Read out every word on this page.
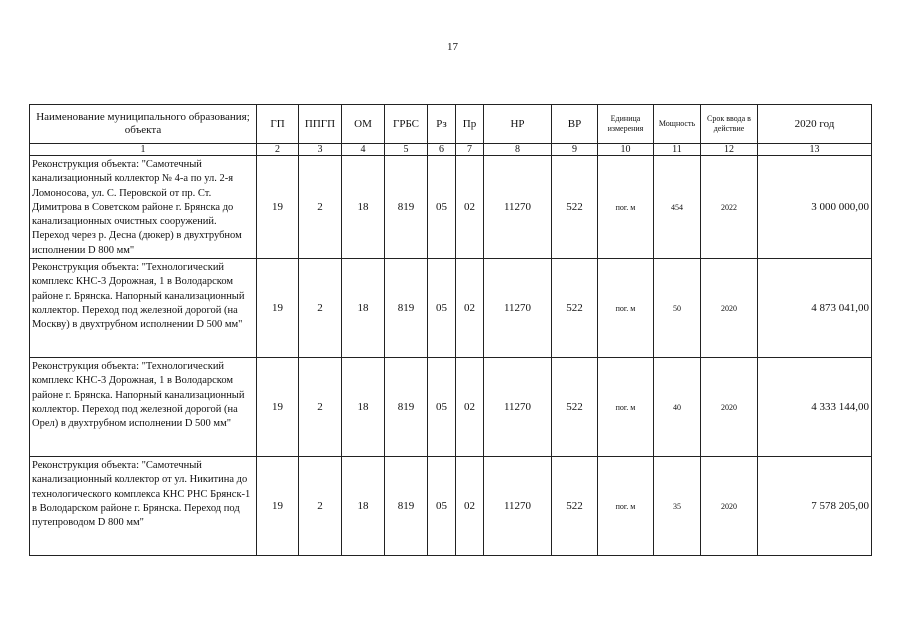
17
Наименование муниципального образования; объекта	ГП	ППГП	ОМ	ГРБС	Рз	Пр	НР	ВР	Единица измерения	Мощность	Срок ввода в действие	2020 год
1	2	3	4	5	6	7	8	9	10	11	12	13
Реконструкция объекта: "Самотечный канализационный коллектор № 4-а по ул. 2-я Ломоносова, ул. С. Перовской от пр. Ст. Димитрова в Советском районе г. Брянска до канализационных очистных сооружений. Переход через р. Десна (дюкер) в двухтрубном исполнении D 800 мм"	19	2	18	819	05	02	11270	522	пог. м	454	2022	3 000 000,00
Реконструкция объекта: "Технологический комплекс КНС-3 Дорожная, 1 в Володарском районе г. Брянска. Напорный канализационный коллектор. Переход под железной дорогой (на Москву) в двухтрубном исполнении D 500 мм"	19	2	18	819	05	02	11270	522	пог. м	50	2020	4 873 041,00
Реконструкция объекта: "Технологический комплекс КНС-3 Дорожная, 1 в Володарском районе г. Брянска. Напорный канализационный коллектор. Переход под железной дорогой (на Орел) в двухтрубном исполнении D 500 мм"	19	2	18	819	05	02	11270	522	пог. м	40	2020	4 333 144,00
Реконструкция объекта: "Самотечный канализационный коллектор от ул. Никитина до технологического комплекса КНС РНС Брянск-1 в Володарском районе г. Брянска. Переход под путепроводом D 800 мм"	19	2	18	819	05	02	11270	522	пог. м	35	2020	7 578 205,00
